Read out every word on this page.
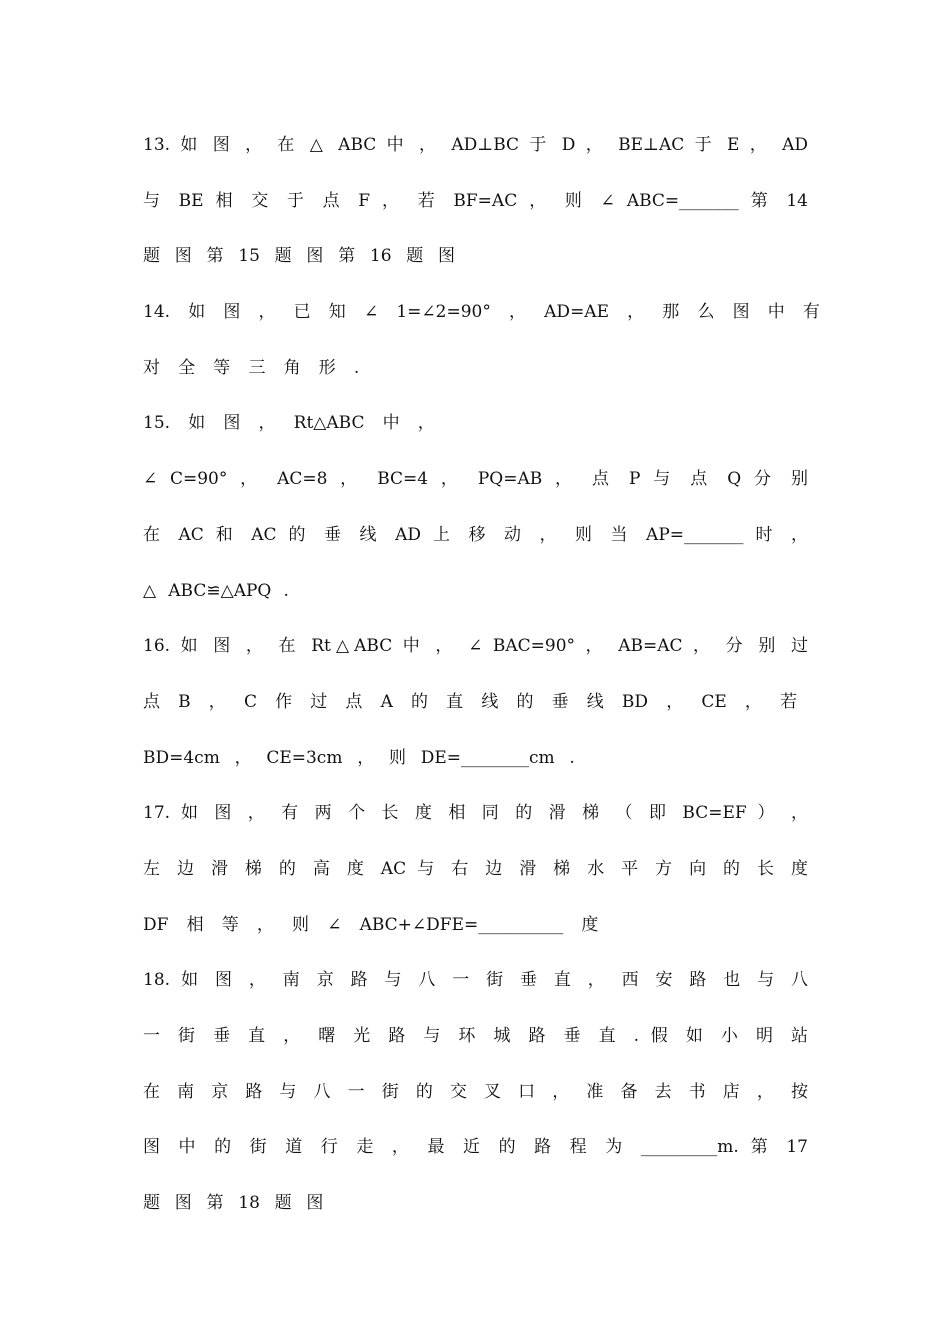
13. 如 图 ， 在 △ ABC 中 ， AD⊥BC 于 D ， BE⊥AC 于 E ， AD
与 BE 相 交 于 点 F ， 若 BF=AC ， 则 ∠ ABC=_______ 第 14
题 图 第 15 题 图 第 16 题 图
14. 如 图 ， 已 知 ∠ 1=∠2=90° ， AD=AE ， 那 么 图 中 有
对 全 等 三 角 形 .
15. 如 图 ， Rt△ABC 中 ，
∠ C=90° ， AC=8 ， BC=4 ， PQ=AB ， 点 P 与 点 Q 分 别
在 AC 和 AC 的 垂 线 AD 上 移 动 ， 则 当 AP=_______ 时 ，
△ ABC≌△APQ .
16. 如 图 ， 在 Rt△ABC 中 ， ∠ BAC=90° ， AB=AC ， 分 别 过
点 B ， C 作 过 点 A 的 直 线 的 垂 线 BD ， CE ， 若
BD=4cm ， CE=3cm ， 则 DE=________cm .
17. 如 图 ， 有 两 个 长 度 相 同 的 滑 梯 （ 即 BC=EF ） ，
左 边 滑 梯 的 高 度 AC 与 右 边 滑 梯 水 平 方 向 的 长 度
DF 相 等 ， 则 ∠ ABC+∠DFE=__________ 度
18. 如 图 ， 南 京 路 与 八 一 街 垂 直 ， 西 安 路 也 与 八
一 街 垂 直 ， 曙 光 路 与 环 城 路 垂 直 . 假 如 小 明 站
在 南 京 路 与 八 一 街 的 交 叉 口 ， 准 备 去 书 店 ， 按
图 中 的 街 道 行 走 ， 最 近 的 路 程 为 _________m. 第 17
题 图 第 18 题 图
